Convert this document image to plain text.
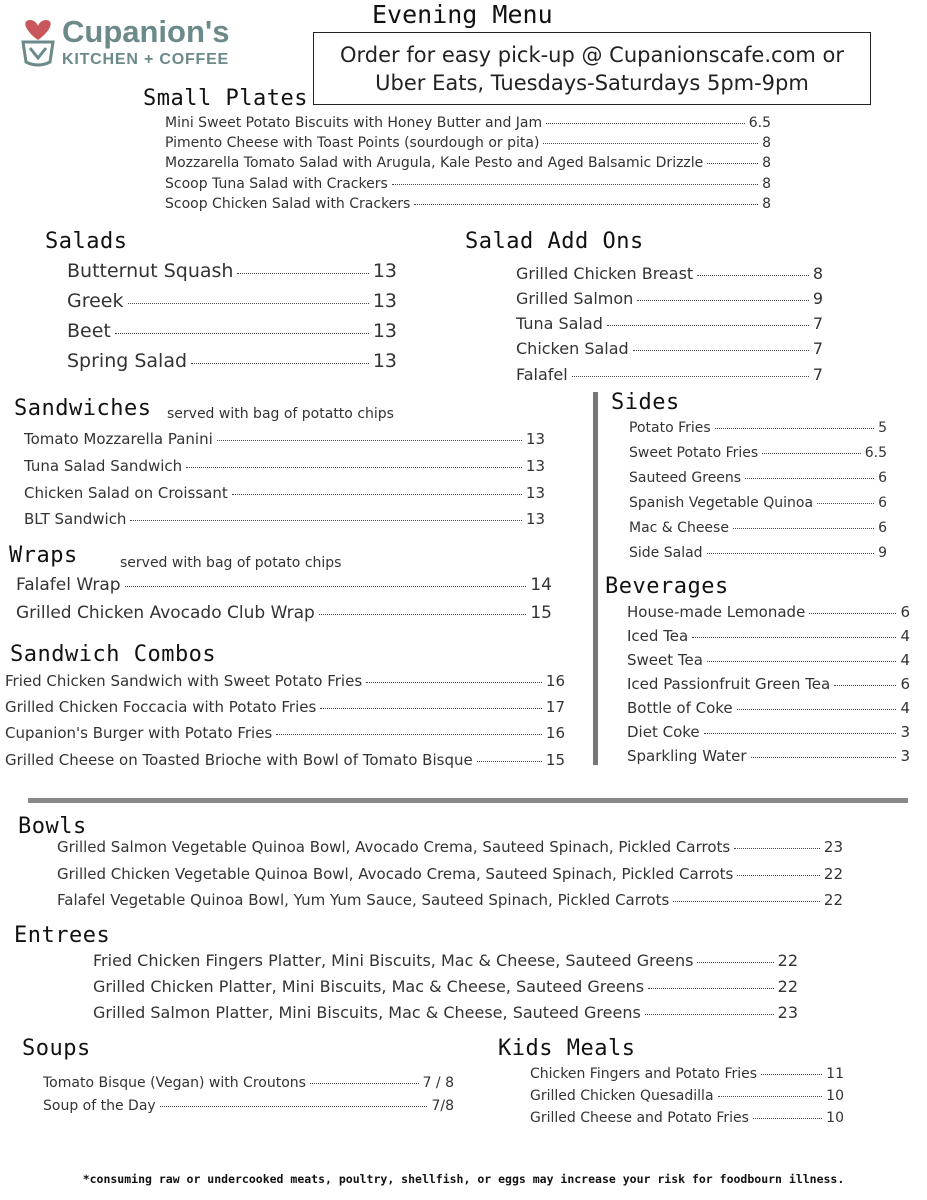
Cupanion's
KITCHEN + COFFEE
Evening Menu
Order for easy pick-up @ Cupanionscafe.com or
Uber Eats, Tuesdays-Saturdays 5pm-9pm
Small Plates
Mini Sweet Potato Biscuits with Honey Butter and Jam	6.5
Pimento Cheese with Toast Points (sourdough or pita)	8
Mozzarella Tomato Salad with Arugula, Kale Pesto and Aged Balsamic Drizzle	8
Scoop Tuna Salad with Crackers	8
Scoop Chicken Salad with Crackers	8
Salads
Butternut Squash	13
Greek	13
Beet	13
Spring Salad	13
Salad Add Ons
Grilled Chicken Breast	8
Grilled Salmon	9
Tuna Salad	7
Chicken Salad	7
Falafel	7
Sandwiches served with bag of potatto chips
Tomato Mozzarella Panini	13
Tuna Salad Sandwich	13
Chicken Salad on Croissant	13
BLT Sandwich	13
Wraps	served with bag of potato chips
Falafel Wrap	14
Grilled Chicken Avocado Club Wrap	15
Sandwich Combos
Fried Chicken Sandwich with Sweet Potato Fries	16
Grilled Chicken Foccacia with Potato Fries	17
Cupanion's Burger with Potato Fries	16
Grilled Cheese on Toasted Brioche with Bowl of Tomato Bisque	15
Sides
Potato Fries	5
Sweet Potato Fries	6.5
Sauteed Greens	6
Spanish Vegetable Quinoa	6
Mac & Cheese	6
Side Salad	9
Beverages
House-made Lemonade	6
Iced Tea	4
Sweet Tea	4
Iced Passionfruit Green Tea	6
Bottle of Coke	4
Diet Coke	3
Sparkling Water	3
Bowls
Grilled Salmon Vegetable Quinoa Bowl, Avocado Crema, Sauteed Spinach, Pickled Carrots	23
Grilled Chicken Vegetable Quinoa Bowl, Avocado Crema, Sauteed Spinach, Pickled Carrots	22
Falafel Vegetable Quinoa Bowl, Yum Yum Sauce, Sauteed Spinach, Pickled Carrots	22
Entrees
Fried Chicken Fingers Platter, Mini Biscuits, Mac & Cheese, Sauteed Greens	22
Grilled Chicken Platter, Mini Biscuits, Mac & Cheese, Sauteed Greens	22
Grilled Salmon Platter, Mini Biscuits, Mac & Cheese, Sauteed Greens	23
Soups
Tomato Bisque (Vegan) with Croutons	7 / 8
Soup of the Day	7/8
Kids Meals
Chicken Fingers and Potato Fries	11
Grilled Chicken Quesadilla	10
Grilled Cheese and Potato Fries	10
*consuming raw or undercooked meats, poultry, shellfish, or eggs may increase your risk for foodbourn illness.
